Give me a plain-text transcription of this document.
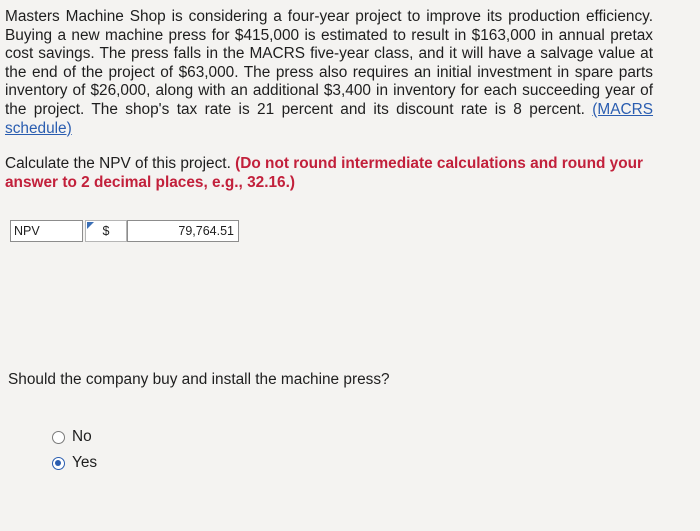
Masters Machine Shop is considering a four-year project to improve its production efficiency. Buying a new machine press for $415,000 is estimated to result in $163,000 in annual pretax cost savings. The press falls in the MACRS five-year class, and it will have a salvage value at the end of the project of $63,000. The press also requires an initial investment in spare parts inventory of $26,000, along with an additional $3,400 in inventory for each succeeding year of the project. The shop's tax rate is 21 percent and its discount rate is 8 percent. (MACRS schedule)
Calculate the NPV of this project. (Do not round intermediate calculations and round your answer to 2 decimal places, e.g., 32.16.)
NPV	$	79,764.51
Should the company buy and install the machine press?
No
Yes
